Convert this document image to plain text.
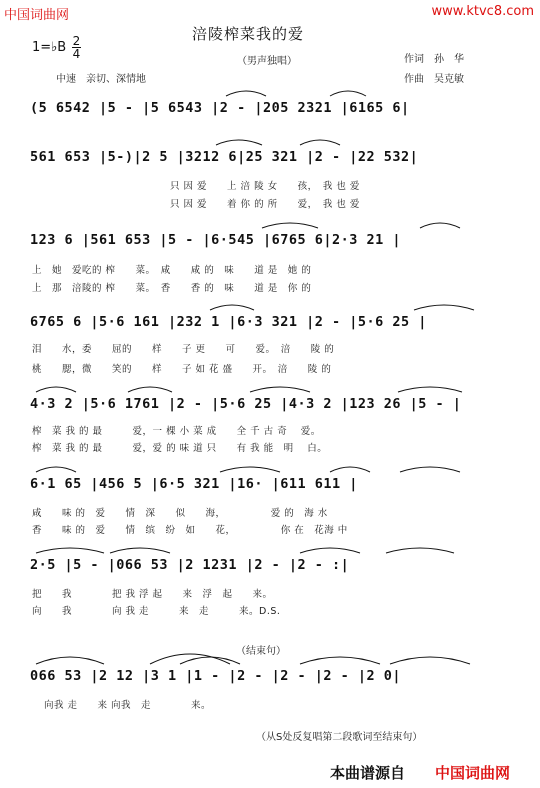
中国词曲网	www.ktvc8.com
涪陵榨菜我的爱
1=♭B 2
4
（男声独唱）
中速　亲切、深情地
作词　孙　华
作曲　吴克敏
(5 6542 |5 - |5 6543 |2 - |205 2321 |6165 6|
561 653 |5-)|2 5 |3212 6|25 321 |2 - |22 532|
只 因 爱　　上 涪 陵 女　　孩，　我 也 爱
只 因 爱　　着 你 的 所　　爱，　我 也 爱
123 6 |561 653 |5 - |6·545 |6765 6|2·3 21 |
上　她　爱吃的 榨　　菜。　咸　　咸 的　味　　道 是　她 的
上　那　涪陵的 榨　　菜。　香　　香 的　味　　道 是　你 的
6765 6 |5·6 161 |232 1 |6·3 321 |2 - |5·6 25 |
泪　　水，委　　屈的　　样　　子 更　　可　　爱。　涪　　陵 的
桃　　腮，微　　笑的　　样　　子 如 花 盛　　开。　涪　　陵 的
4·3 2 |5·6 1761 |2 - |5·6 25 |4·3 2 |123 26 |5 - |
榨　菜 我 的 最　　　爱，一 棵 小 菜 成　　全 千 古 奇　 爱。
榨　菜 我 的 最　　　爱，爱 的 味 道 只　　有 我 能　明　 白。
6·1 65 |456 5 |6·5 321 |16· |611 611 |
咸　　味 的　爱　　情　深　　似　　海，　　　　　爱 的　海 水
香　　味 的　爱　　情　缤　纷　如　　花，　　　　　你 在　花海 中
2·5 |5 - |066 53 |2 1231 |2 - |2 - :|
把　　我　　　　把 我 浮 起　　来　浮　起　　来。
向　　我　　　　向 我 走　　　来　走　　　来。D.S.
（结束句）
066 53 |2 12 |3 1 |1 - |2 - |2 - |2 - |2 0|
向我 走　　来 向我　走　　　　来。
（从S处反复唱第二段歌词至结束句）
本曲谱源自 中国词曲网
